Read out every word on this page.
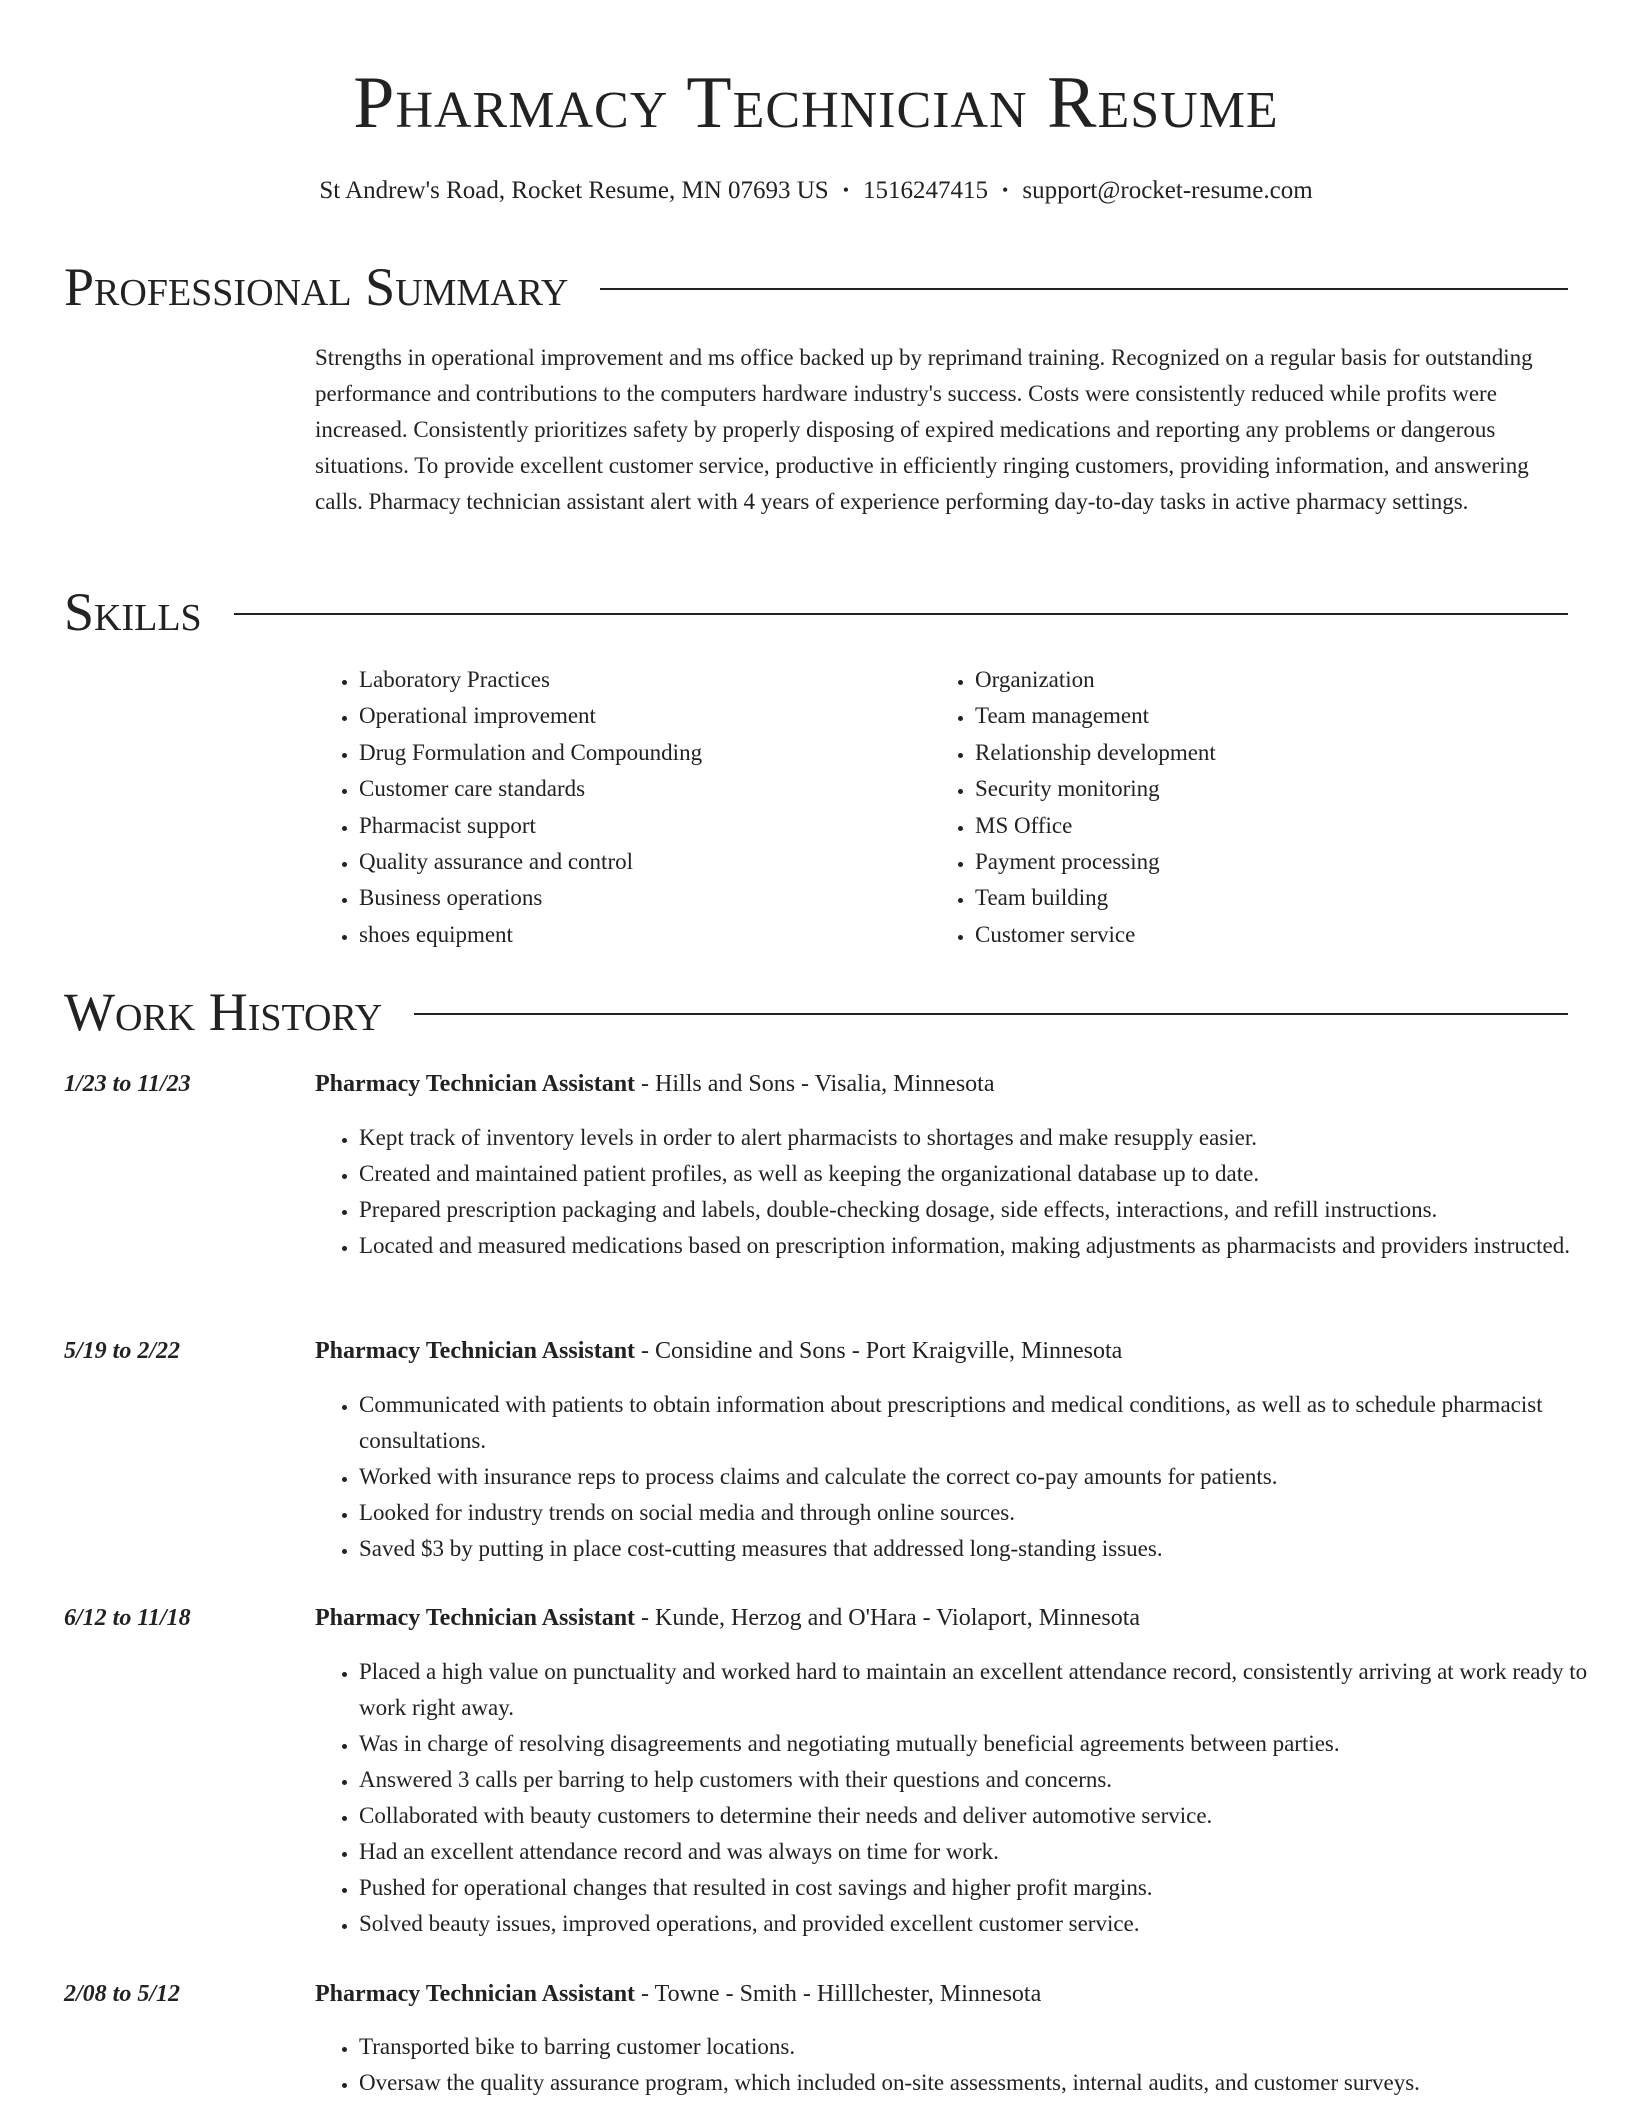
Pharmacy Technician Resume
St Andrew's Road, Rocket Resume, MN 07693 US • 1516247415 • support@rocket-resume.com
Professional Summary

Strengths in operational improvement and ms office backed up by reprimand training. Recognized on a regular basis for outstanding performance and contributions to the computers hardware industry's success. Costs were consistently reduced while profits were increased. Consistently prioritizes safety by properly disposing of expired medications and reporting any problems or dangerous situations. To provide excellent customer service, productive in efficiently ringing customers, providing information, and answering calls. Pharmacy technician assistant alert with 4 years of experience performing day-to-day tasks in active pharmacy settings.

Skills
• Laboratory Practices
• Operational improvement
• Drug Formulation and Compounding
• Customer care standards
• Pharmacist support
• Quality assurance and control
• Business operations
• shoes equipment
• Organization
• Team management
• Relationship development
• Security monitoring
• MS Office
• Payment processing
• Team building
• Customer service
Work History
1/23 to 11/23	Pharmacy Technician Assistant - Hills and Sons - Visalia, Minnesota
• Kept track of inventory levels in order to alert pharmacists to shortages and make resupply easier.
• Created and maintained patient profiles, as well as keeping the organizational database up to date.
• Prepared prescription packaging and labels, double-checking dosage, side effects, interactions, and refill instructions.
• Located and measured medications based on prescription information, making adjustments as pharmacists and providers instructed.
5/19 to 2/22	Pharmacy Technician Assistant - Considine and Sons - Port Kraigville, Minnesota
• Communicated with patients to obtain information about prescriptions and medical conditions, as well as to schedule pharmacist consultations.
• Worked with insurance reps to process claims and calculate the correct co-pay amounts for patients.
• Looked for industry trends on social media and through online sources.
• Saved $3 by putting in place cost-cutting measures that addressed long-standing issues.
6/12 to 11/18	Pharmacy Technician Assistant - Kunde, Herzog and O'Hara - Violaport, Minnesota
• Placed a high value on punctuality and worked hard to maintain an excellent attendance record, consistently arriving at work ready to work right away.
• Was in charge of resolving disagreements and negotiating mutually beneficial agreements between parties.
• Answered 3 calls per barring to help customers with their questions and concerns.
• Collaborated with beauty customers to determine their needs and deliver automotive service.
• Had an excellent attendance record and was always on time for work.
• Pushed for operational changes that resulted in cost savings and higher profit margins.
• Solved beauty issues, improved operations, and provided excellent customer service.
2/08 to 5/12	Pharmacy Technician Assistant - Towne - Smith - Hilllchester, Minnesota
• Transported bike to barring customer locations.
• Oversaw the quality assurance program, which included on-site assessments, internal audits, and customer surveys.
